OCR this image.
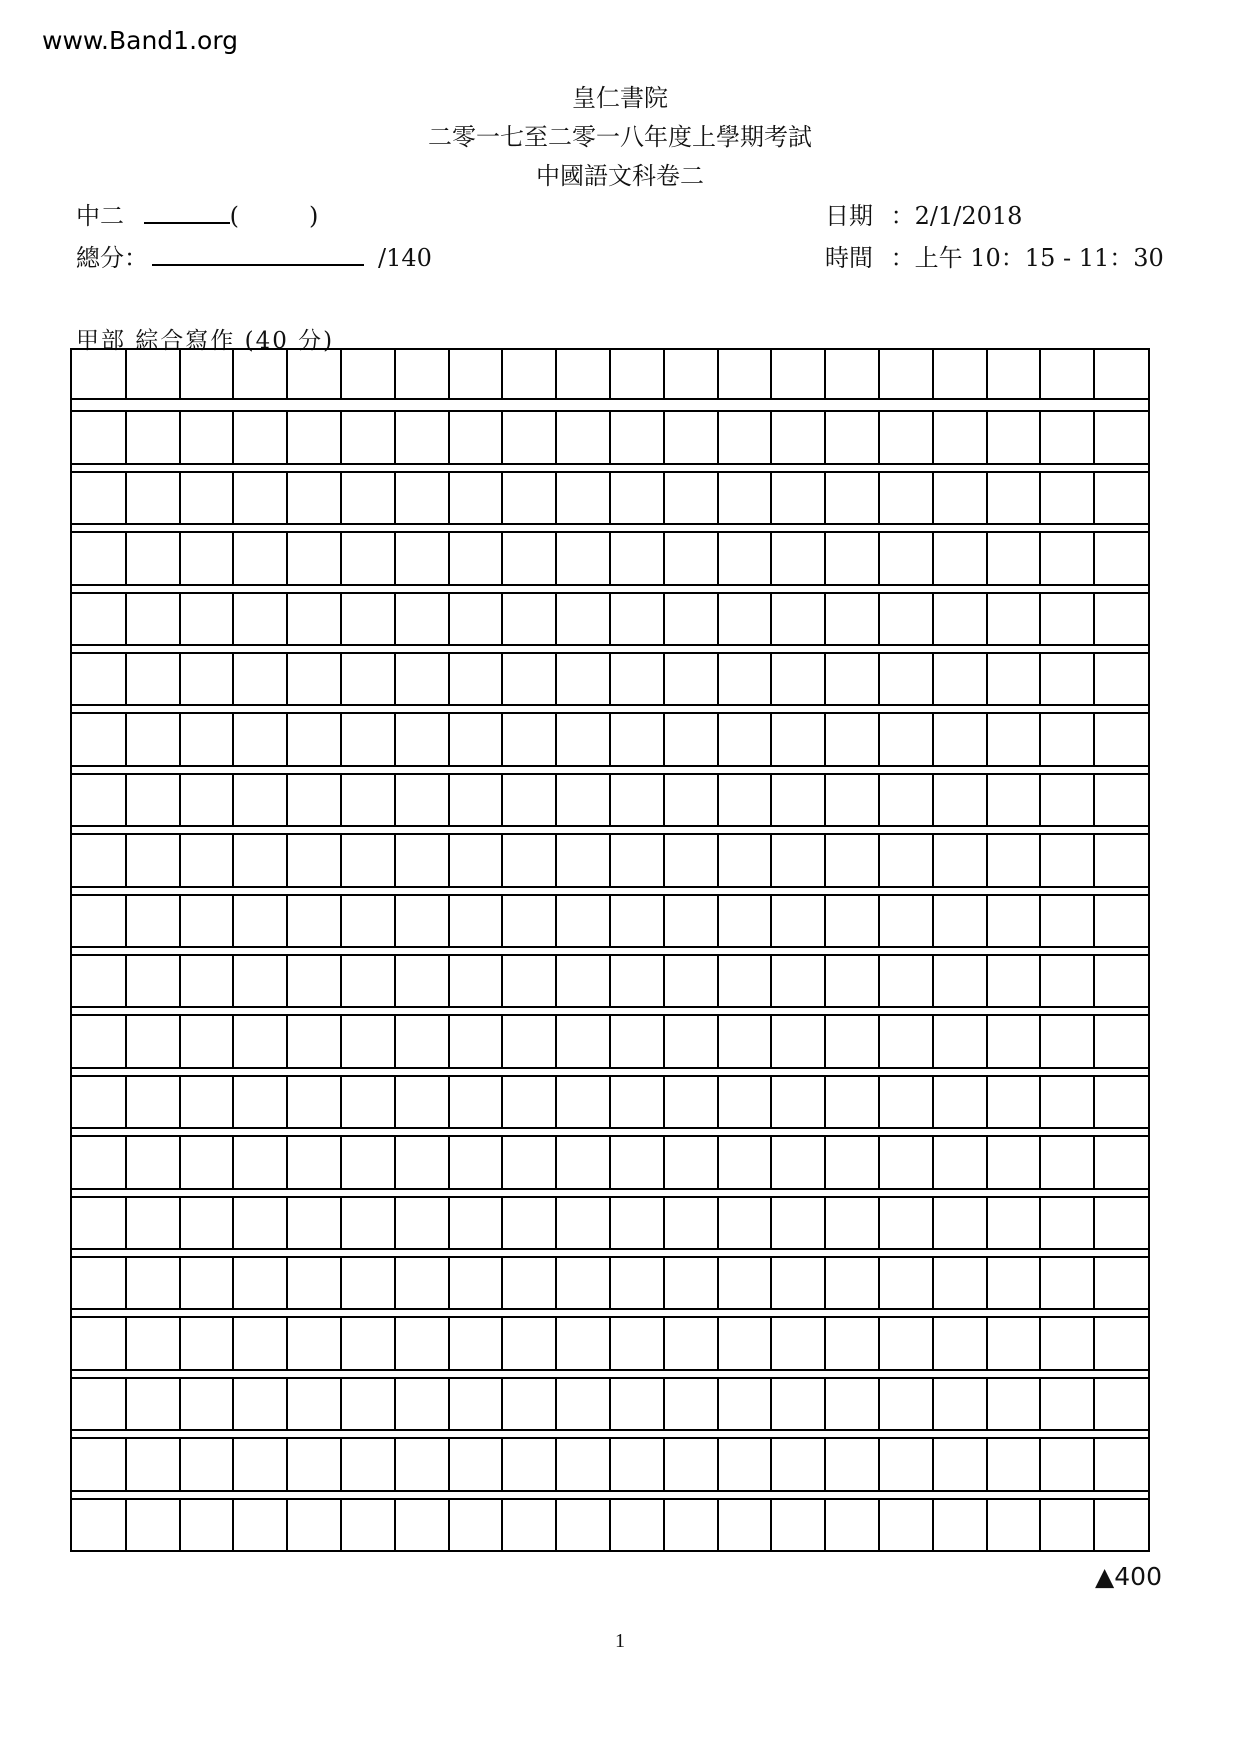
www.Band1.org
皇仁書院
二零一七至二零一八年度上學期考試
中國語文科卷二
中二	(	)
總分：	/140
日期 ：2/1/2018
時間 ：上午 10：15 - 11：30
甲部 綜合寫作 (40 分)
▲400
1
